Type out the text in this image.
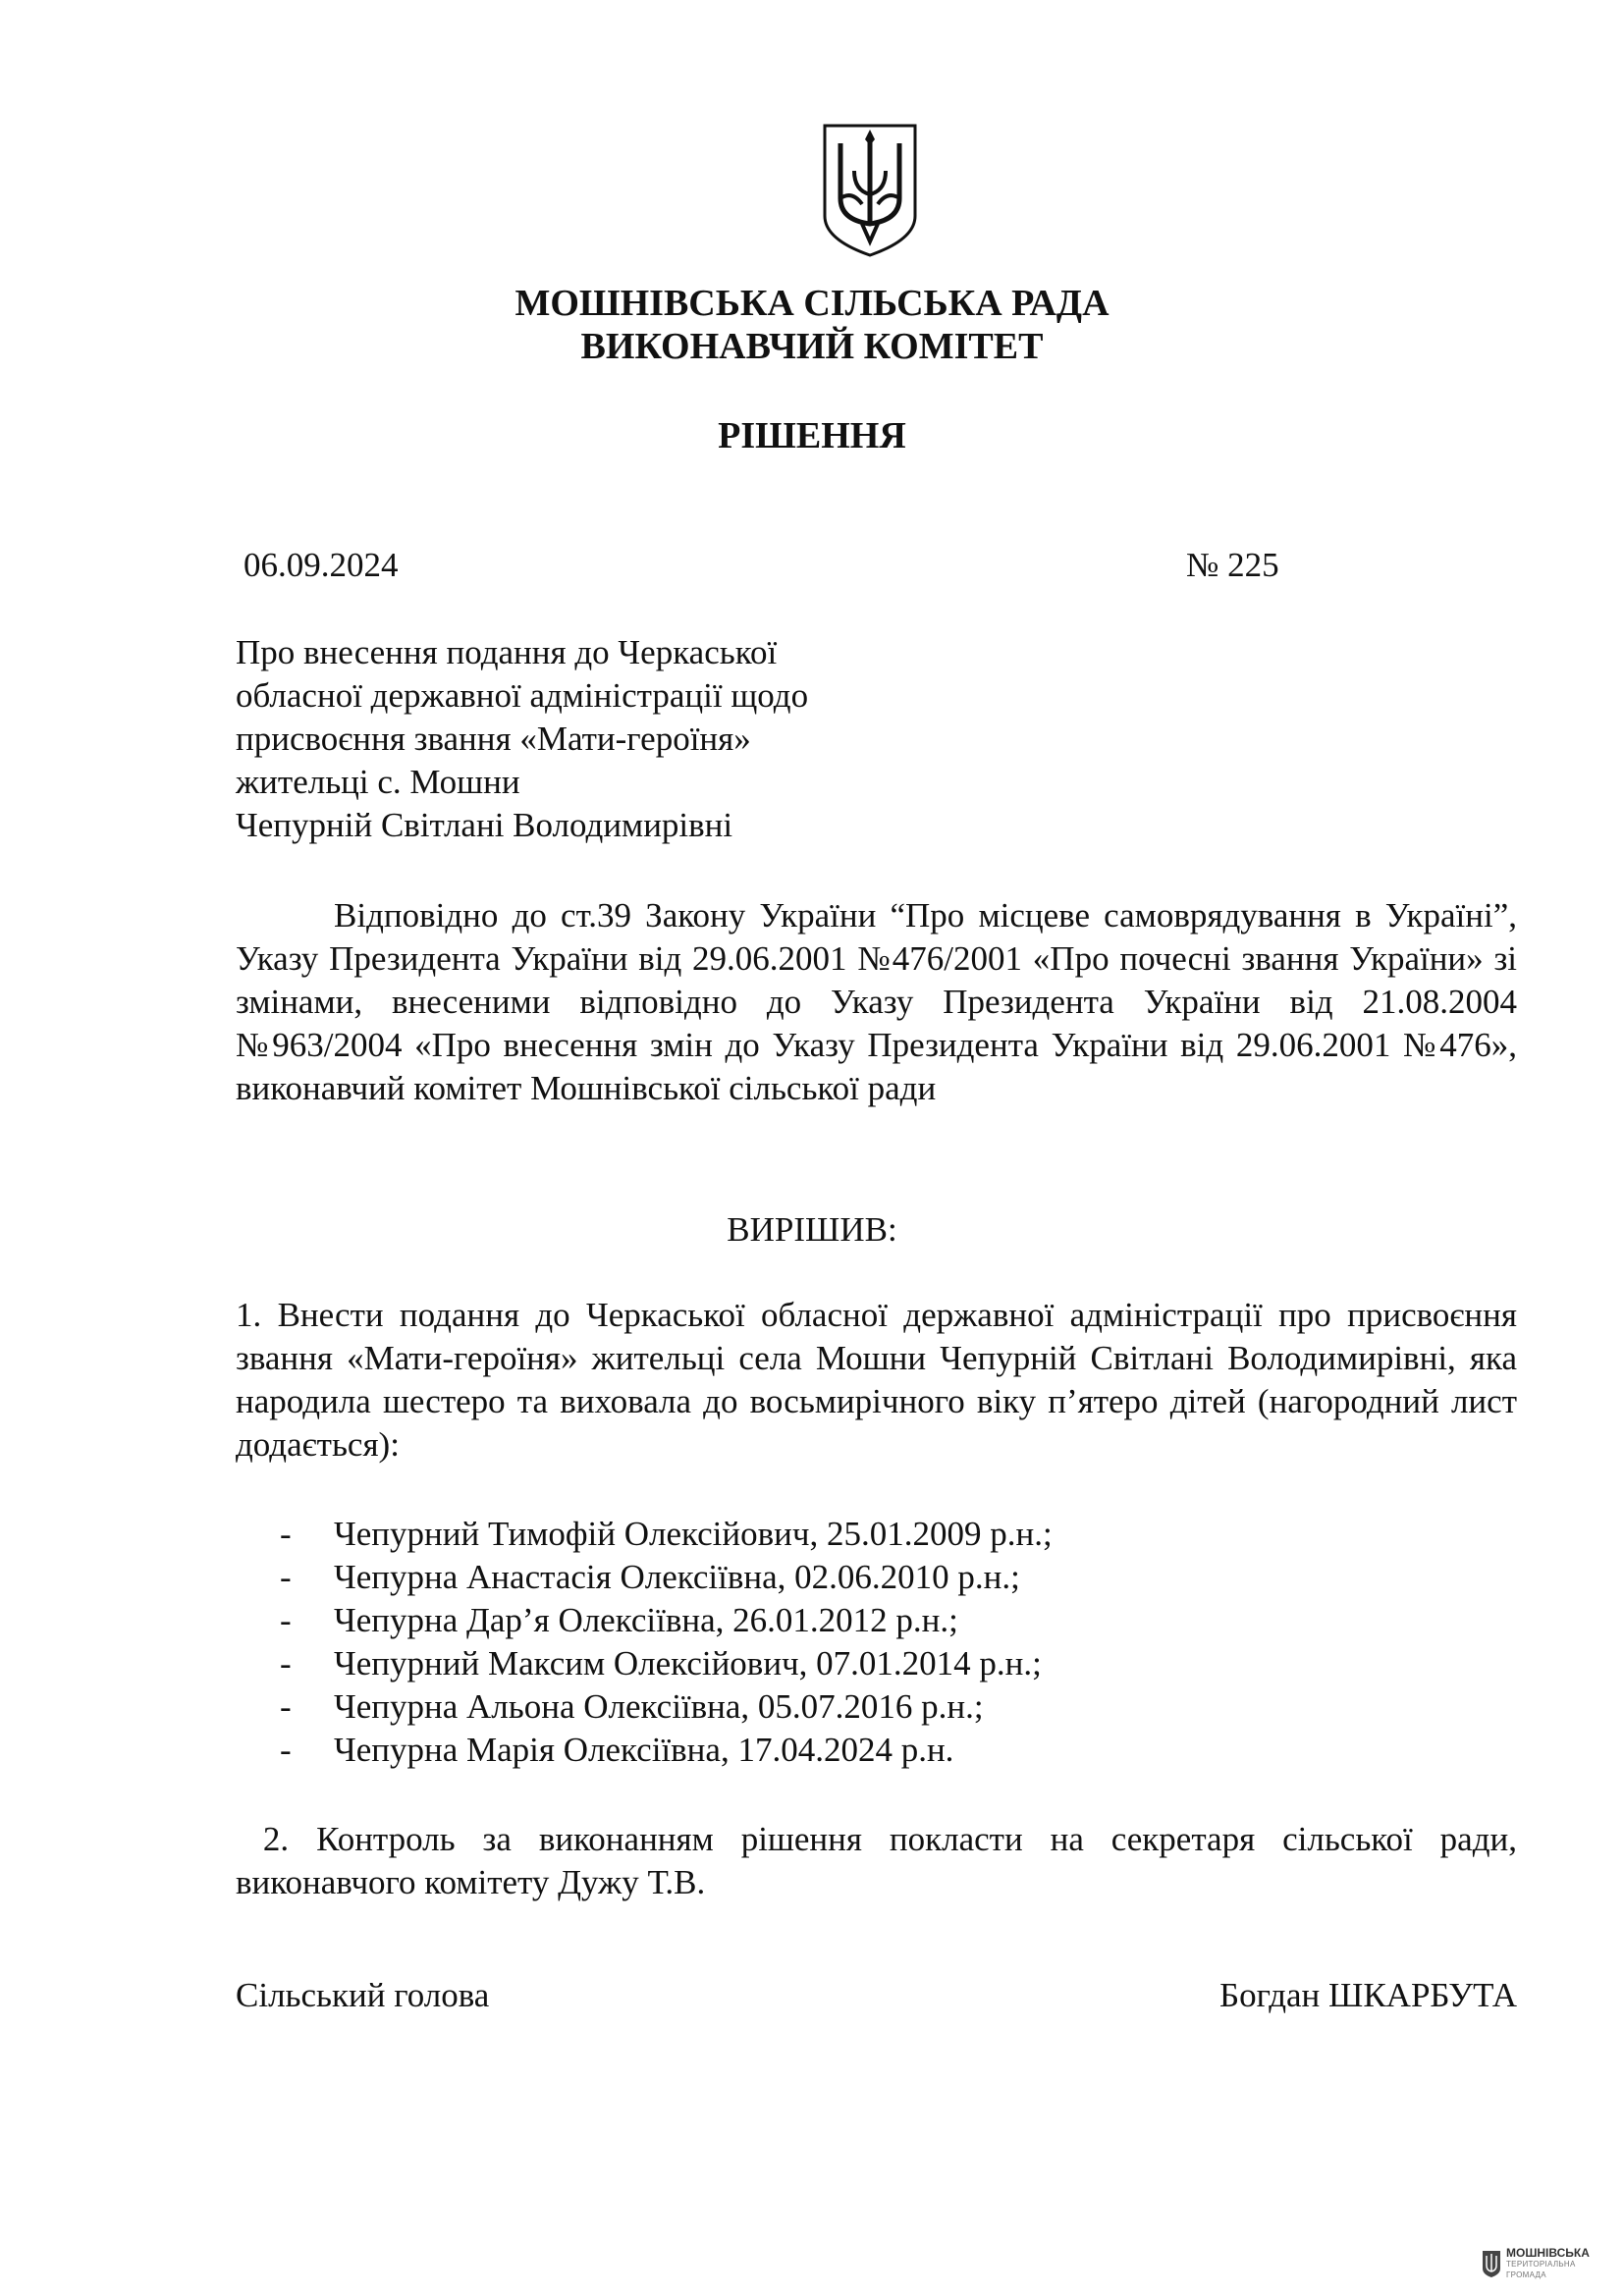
МОШНІВСЬКА СІЛЬСЬКА РАДА
ВИКОНАВЧИЙ КОМІТЕТ
РІШЕННЯ
06.09.2024	№ 225
Про внесення подання до Черкаської
обласної державної адміністрації щодо
присвоєння звання «Мати-героїня»
жительці с. Мошни
Чепурній Світлані Володимирівні
Відповідно до ст.39 Закону України “Про місцеве самоврядування в Україні”, Указу Президента України від 29.06.2001 №476/2001 «Про почесні звання України» зі змінами, внесеними відповідно до Указу Президента України від 21.08.2004 №963/2004 «Про внесення змін до Указу Президента України від 29.06.2001 №476», виконавчий комітет Мошнівської сільської ради
ВИРІШИВ:
1. Внести подання до Черкаської обласної державної адміністрації про присвоєння звання «Мати-героїня» жительці села Мошни Чепурній Світлані Володимирівні, яка народила шестеро та виховала до восьмирічного віку п’ятеро дітей (нагородний лист додається):
-	Чепурний Тимофій Олексійович, 25.01.2009 р.н.;
-	Чепурна Анастасія Олексіївна, 02.06.2010 р.н.;
-	Чепурна Дар’я Олексіївна, 26.01.2012 р.н.;
-	Чепурний Максим Олексійович, 07.01.2014 р.н.;
-	Чепурна Альона Олексіївна, 05.07.2016 р.н.;
-	Чепурна Марія Олексіївна, 17.04.2024 р.н.
2. Контроль за виконанням рішення покласти на секретаря сільської ради, виконавчого комітету Дужу Т.В.
Сільський голова	Богдан ШКАРБУТА
МОШНІВСЬКА
ТЕРИТОРІАЛЬНА
ГРОМАДА
